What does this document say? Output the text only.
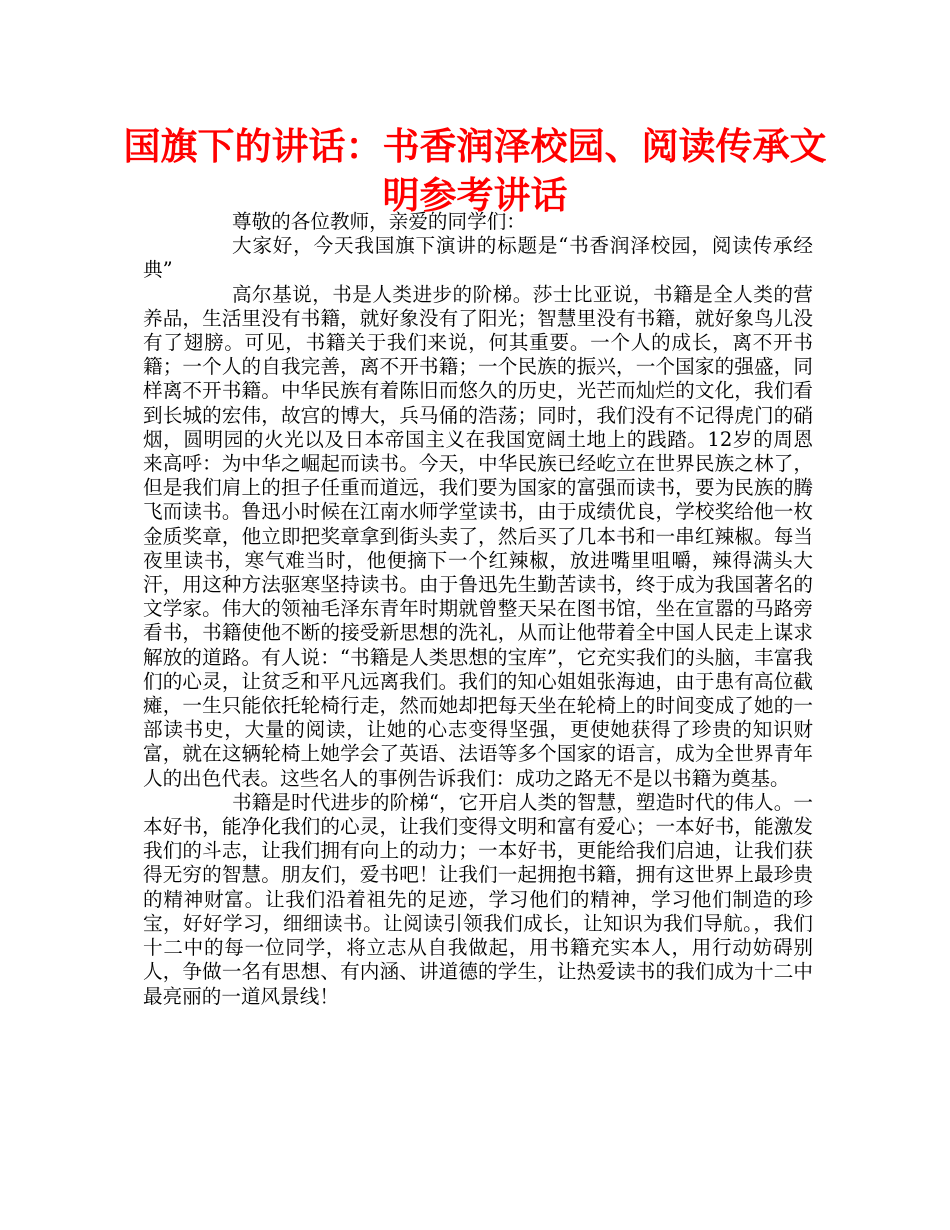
国旗下的讲话：书香润泽校园、阅读传承文明参考讲话

尊敬的各位教师，亲爱的同学们：

大家好，今天我国旗下演讲的标题是“书香润泽校园，阅读传承经典”

高尔基说，书是人类进步的阶梯。莎士比亚说，书籍是全人类的营养品，生活里没有书籍，就好象没有了阳光；智慧里没有书籍，就好象鸟儿没有了翅膀。可见，书籍关于我们来说，何其重要。一个人的成长，离不开书籍；一个人的自我完善，离不开书籍；一个民族的振兴，一个国家的强盛，同样离不开书籍。中华民族有着陈旧而悠久的历史，光芒而灿烂的文化，我们看到长城的宏伟，故宫的博大，兵马俑的浩荡；同时，我们没有不记得虎门的硝烟，圆明园的火光以及日本帝国主义在我国宽阔土地上的践踏。12岁的周恩来高呼：为中华之崛起而读书。今天，中华民族已经屹立在世界民族之林了，但是我们肩上的担子任重而道远，我们要为国家的富强而读书，要为民族的腾飞而读书。鲁迅小时候在江南水师学堂读书，由于成绩优良，学校奖给他一枚金质奖章，他立即把奖章拿到街头卖了，然后买了几本书和一串红辣椒。每当夜里读书，寒气难当时，他便摘下一个红辣椒，放进嘴里咀嚼，辣得满头大汗，用这种方法驱寒坚持读书。由于鲁迅先生勤苦读书，终于成为我国著名的文学家。伟大的领袖毛泽东青年时期就曾整天呆在图书馆，坐在宣嚣的马路旁看书，书籍使他不断的接受新思想的洗礼，从而让他带着全中国人民走上谋求解放的道路。有人说：“书籍是人类思想的宝库”，它充实我们的头脑，丰富我们的心灵，让贫乏和平凡远离我们。我们的知心姐姐张海迪，由于患有高位截瘫，一生只能依托轮椅行走，然而她却把每天坐在轮椅上的时间变成了她的一部读书史，大量的阅读，让她的心志变得坚强，更使她获得了珍贵的知识财富，就在这辆轮椅上她学会了英语、法语等多个国家的语言，成为全世界青年人的出色代表。这些名人的事例告诉我们：成功之路无不是以书籍为奠基。

书籍是时代进步的阶梯“，它开启人类的智慧，塑造时代的伟人。一本好书，能净化我们的心灵，让我们变得文明和富有爱心；一本好书，能激发我们的斗志，让我们拥有向上的动力；一本好书，更能给我们启迪，让我们获得无穷的智慧。朋友们，爱书吧！让我们一起拥抱书籍，拥有这世界上最珍贵的精神财富。让我们沿着祖先的足迹，学习他们的精神，学习他们制造的珍宝，好好学习，细细读书。让阅读引领我们成长，让知识为我们导航。，我们十二中的每一位同学，将立志从自我做起，用书籍充实本人，用行动妨碍别人，争做一名有思想、有内涵、讲道德的学生，让热爱读书的我们成为十二中最亮丽的一道风景线！
